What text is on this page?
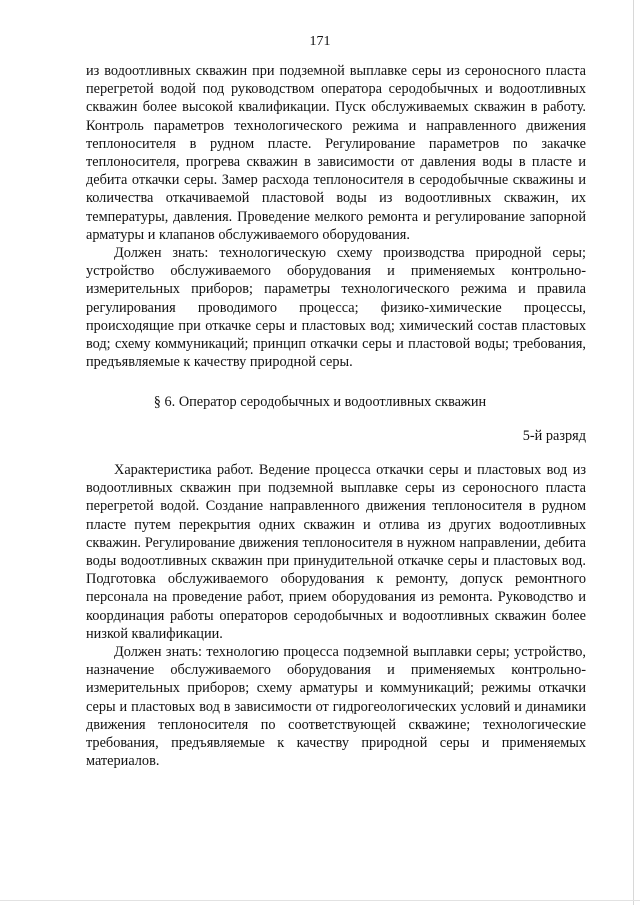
171

из водоотливных скважин при подземной выплавке серы из сероносного пласта перегретой водой под руководством оператора серодобычных и водоотливных скважин более высокой квалификации. Пуск обслуживаемых скважин в работу. Контроль параметров технологического режима и направленного движения теплоносителя в рудном пласте. Регулирование параметров по закачке теплоносителя, прогрева скважин в зависимости от давления воды в пласте и дебита откачки серы. Замер расхода теплоносителя в серодобычные скважины и количества откачиваемой пластовой воды из водоотливных скважин, их температуры, давления. Проведение мелкого ремонта и регулирование запорной арматуры и клапанов обслуживаемого оборудования.

Должен знать: технологическую схему производства природной серы; устройство обслуживаемого оборудования и применяемых контрольно-измерительных приборов; параметры технологического режима и правила регулирования проводимого процесса; физико-химические процессы, происходящие при откачке серы и пластовых вод; химический состав пластовых вод; схему коммуникаций; принцип откачки серы и пластовой воды; требования, предъявляемые к качеству природной серы.

§ 6. Оператор серодобычных и водоотливных скважин
5-й разряд

Характеристика работ. Ведение процесса откачки серы и пластовых вод из водоотливных скважин при подземной выплавке серы из сероносного пласта перегретой водой. Создание направленного движения теплоносителя в рудном пласте путем перекрытия одних скважин и отлива из других водоотливных скважин. Регулирование движения теплоносителя в нужном направлении, дебита воды водоотливных скважин при принудительной откачке серы и пластовых вод. Подготовка обслуживаемого оборудования к ремонту, допуск ремонтного персонала на проведение работ, прием оборудования из ремонта. Руководство и координация работы операторов серодобычных и водоотливных скважин более низкой квалификации.

Должен знать: технологию процесса подземной выплавки серы; устройство, назначение обслуживаемого оборудования и применяемых контрольно-измерительных приборов; схему арматуры и коммуникаций; режимы откачки серы и пластовых вод в зависимости от гидрогеологических условий и динамики движения теплоносителя по соответствующей скважине; технологические требования, предъявляемые к качеству природной серы и применяемых материалов.
